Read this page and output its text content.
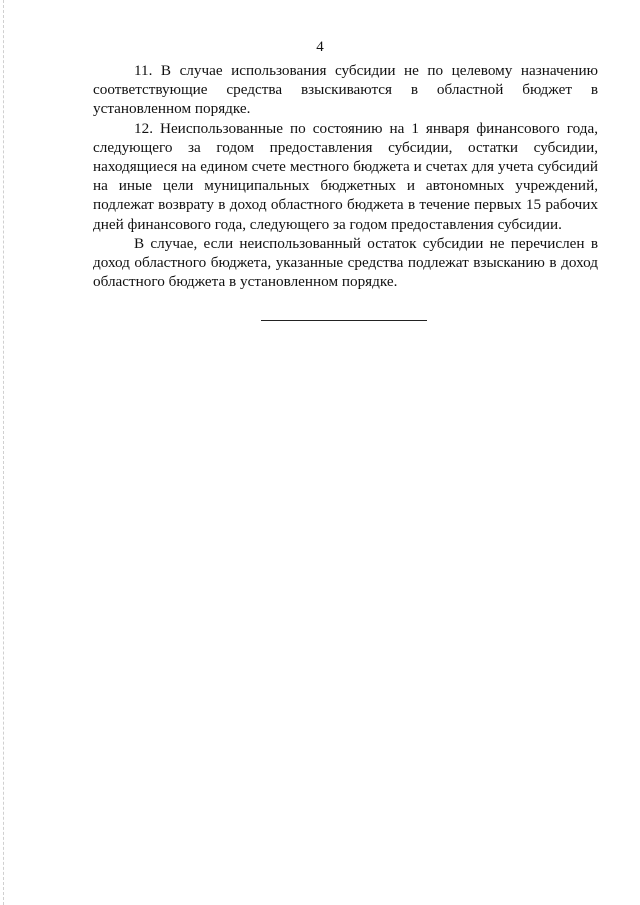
4

11. В случае использования субсидии не по целевому назначению соответствующие средства взыскиваются в областной бюджет в установленном порядке.

12. Неиспользованные по состоянию на 1 января финансового года, следующего за годом предоставления субсидии, остатки субсидии, находящиеся на едином счете местного бюджета и счетах для учета субсидий на иные цели муниципальных бюджетных и автономных учреждений, подлежат возврату в доход областного бюджета в течение первых 15 рабочих дней финансового года, следующего за годом предоставления субсидии.

В случае, если неиспользованный остаток субсидии не перечислен в доход областного бюджета, указанные средства подлежат взысканию в доход областного бюджета в установленном порядке.
